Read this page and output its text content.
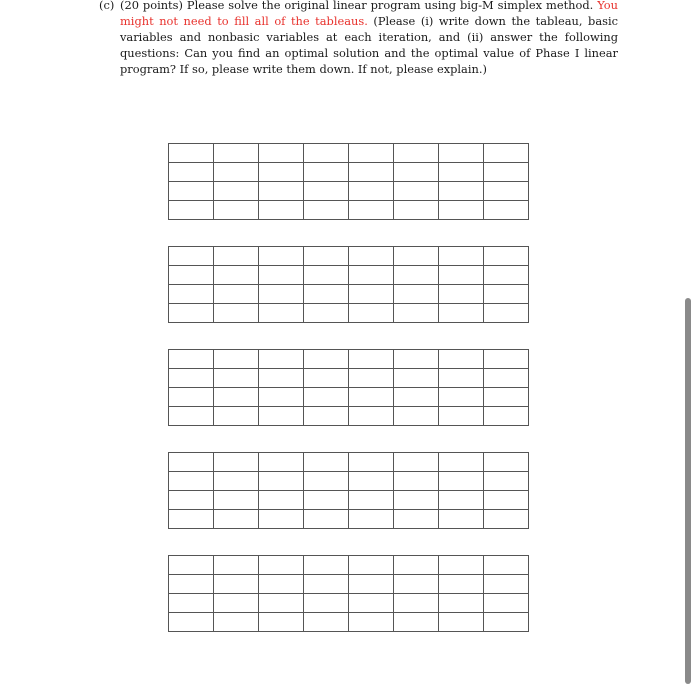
(c) (20 points) Please solve the original linear program using big-M simplex method. You might not need to fill all of the tableaus. (Please (i) write down the tableau, basic variables and nonbasic variables at each iteration, and (ii) answer the following questions: Can you find an optimal solution and the optimal value of Phase I linear program? If so, please write them down. If not, please explain.)
